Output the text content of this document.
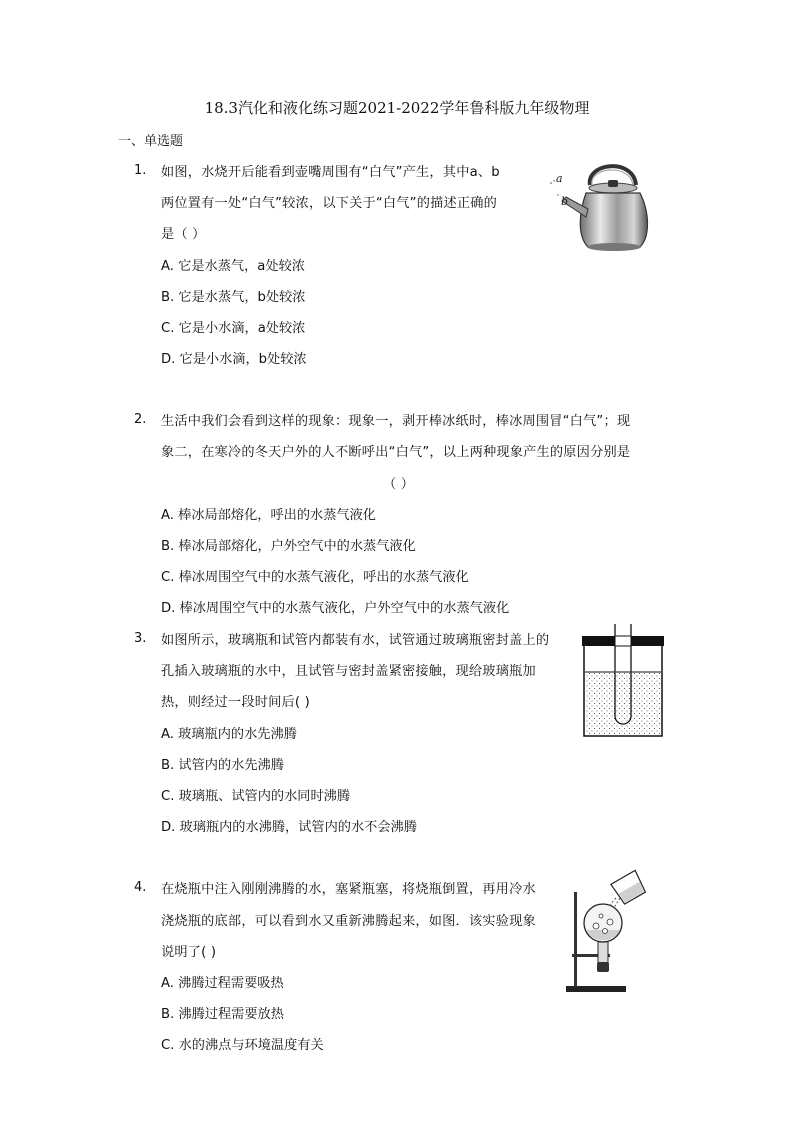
18.3汽化和液化练习题2021-2022学年鲁科版九年级物理
一、单选题
1. 如图，水烧开后能看到壶嘴周围有“白气”产生，其中a、b
两位置有一处“白气”较浓，以下关于“白气”的描述正确的
是（ ）
A. 它是水蒸气，a处较浓
B. 它是水蒸气，b处较浓
C. 它是小水滴，a处较浓
D. 它是小水滴，b处较浓
a
b
2. 生活中我们会看到这样的现象：现象一，剥开棒冰纸时，棒冰周围冒“白气”；现
象二，在寒冷的冬天户外的人不断呼出“白气”，以上两种现象产生的原因分别是
（ ）
A. 棒冰局部熔化，呼出的水蒸气液化
B. 棒冰局部熔化，户外空气中的水蒸气液化
C. 棒冰周围空气中的水蒸气液化，呼出的水蒸气液化
D. 棒冰周围空气中的水蒸气液化，户外空气中的水蒸气液化
3. 如图所示，玻璃瓶和试管内都装有水，试管通过玻璃瓶密封盖上的
孔插入玻璃瓶的水中，且试管与密封盖紧密接触，现给玻璃瓶加
热，则经过一段时间后( )
A. 玻璃瓶内的水先沸腾
B. 试管内的水先沸腾
C. 玻璃瓶、试管内的水同时沸腾
D. 玻璃瓶内的水沸腾，试管内的水不会沸腾
4. 在烧瓶中注入刚刚沸腾的水，塞紧瓶塞，将烧瓶倒置，再用冷水
浇烧瓶的底部，可以看到水又重新沸腾起来，如图．该实验现象
说明了( )
A. 沸腾过程需要吸热
B. 沸腾过程需要放热
C. 水的沸点与环境温度有关
